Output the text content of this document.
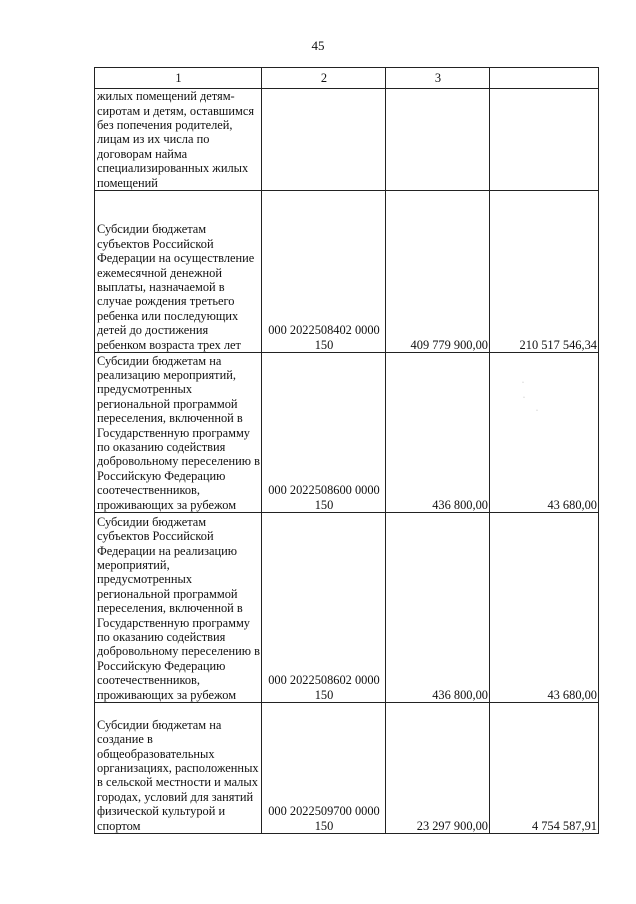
45
1	2	3	
жилых помещений детям-сиротам и детям, оставшимся без попечения родителей, лицам из их числа по договорам найма специализированных жилых помещений			
Субсидии бюджетам субъектов Российской Федерации на осуществление ежемесячной денежной выплаты, назначаемой в случае рождения третьего ребенка или последующих детей до достижения ребенком возраста трех лет	000 2022508402 0000 150	409 779 900,00	210 517 546,34
Субсидии бюджетам на реализацию мероприятий, предусмотренных региональной программой переселения, включенной в Государственную программу по оказанию содействия добровольному переселению в Российскую Федерацию соотечественников, проживающих за рубежом	000 2022508600 0000 150	436 800,00	43 680,00
Субсидии бюджетам субъектов Российской Федерации на реализацию мероприятий, предусмотренных региональной программой переселения, включенной в Государственную программу по оказанию содействия добровольному переселению в Российскую Федерацию соотечественников, проживающих за рубежом	000 2022508602 0000 150	436 800,00	43 680,00
Субсидии бюджетам на создание в общеобразовательных организациях, расположенных в сельской местности и малых городах, условий для занятий физической культурой и спортом	000 2022509700 0000 150	23 297 900,00	4 754 587,91
·
·
·
